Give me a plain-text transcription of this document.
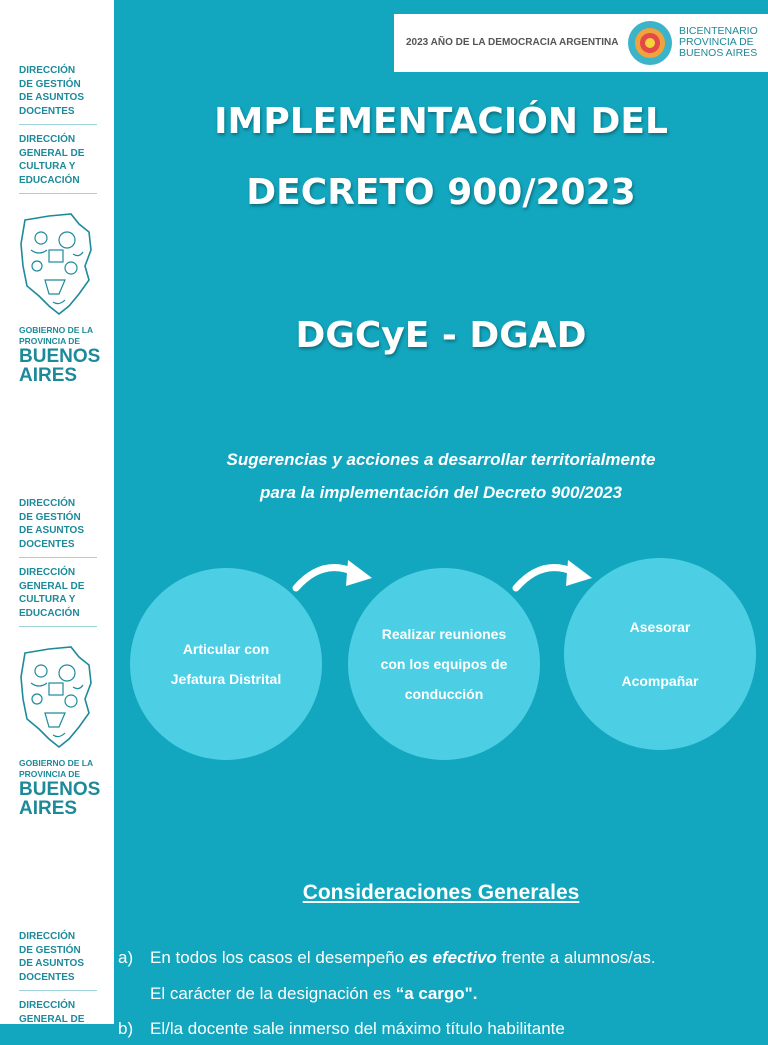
DIRECCIÓN
DE GESTIÓN
DE ASUNTOS
DOCENTES
DIRECCIÓN
GENERAL DE
CULTURA Y
EDUCACIÓN
GOBIERNO DE LA
PROVINCIA DE
BUENOS
AIRES
DIRECCIÓN
DE GESTIÓN
DE ASUNTOS
DOCENTES
DIRECCIÓN
GENERAL DE
CULTURA Y
EDUCACIÓN
GOBIERNO DE LA
PROVINCIA DE
BUENOS
AIRES
DIRECCIÓN
DE GESTIÓN
DE ASUNTOS
DOCENTES
DIRECCIÓN
GENERAL DE
2023 AÑO DE LA DEMOCRACIA ARGENTINA
BICENTENARIO
PROVINCIA DE
BUENOS AIRES
IMPLEMENTACIÓN DEL
DECRETO 900/2023
DGCyE - DGAD
Sugerencias y acciones a desarrollar territorialmente
para la implementación del Decreto 900/2023
Articular con
Jefatura Distrital
Realizar reuniones
con los equipos de
conducción
Asesorar
Acompañar
Consideraciones Generales
a) En todos los casos el desempeño es efectivo frente a alumnos/as.
El carácter de la designación es “a cargo".
b) El/la docente sale inmerso del máximo título habilitante
